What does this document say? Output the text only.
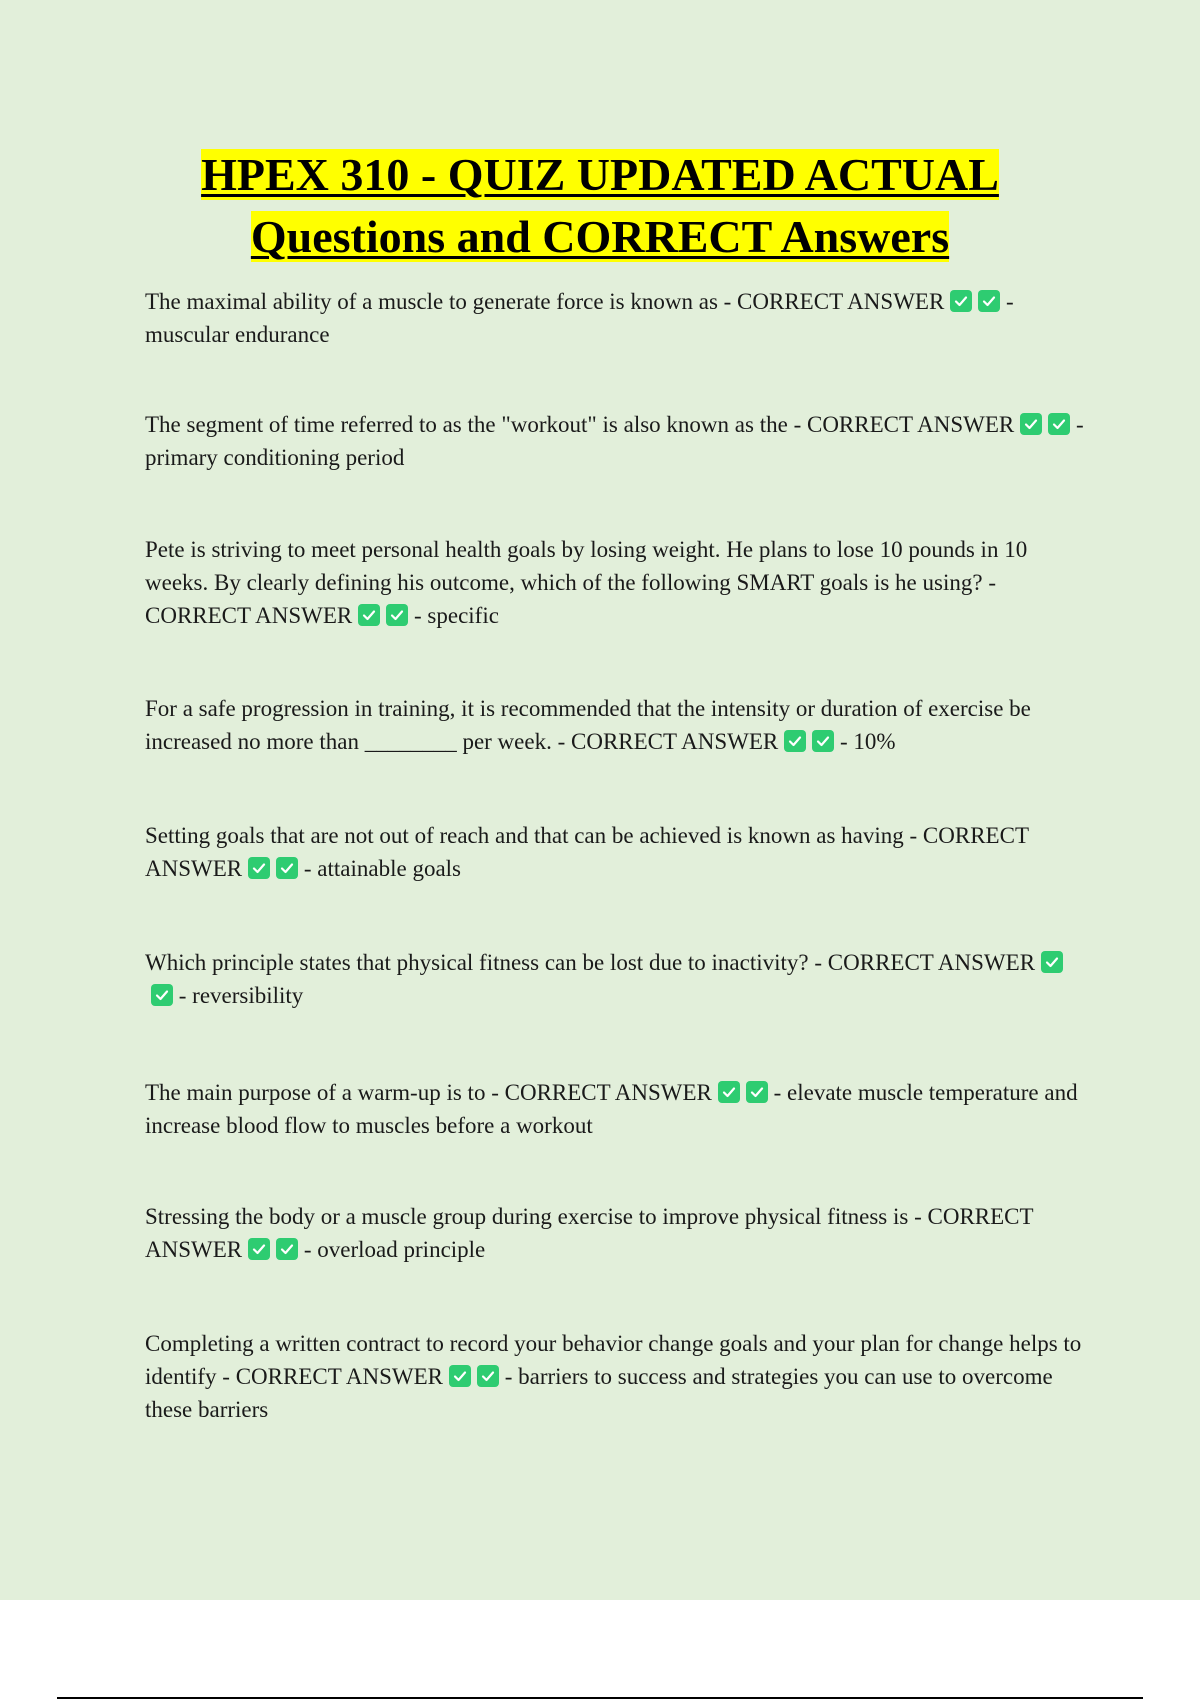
HPEX 310 - QUIZ UPDATED ACTUAL
Questions and CORRECT Answers
The maximal ability of a muscle to generate force is known as - CORRECT ANSWER	- muscular endurance
The segment of time referred to as the "workout" is also known as the - CORRECT ANSWER	- primary conditioning period
Pete is striving to meet personal health goals by losing weight. He plans to lose 10 pounds in 10 weeks. By clearly defining his outcome, which of the following SMART goals is he using? - CORRECT ANSWER	- specific
For a safe progression in training, it is recommended that the intensity or duration of exercise be increased no more than ________ per week. - CORRECT ANSWER	- 10%
Setting goals that are not out of reach and that can be achieved is known as having - CORRECT ANSWER	- attainable goals
Which principle states that physical fitness can be lost due to inactivity? - CORRECT ANSWER
- reversibility
The main purpose of a warm-up is to - CORRECT ANSWER	- elevate muscle temperature and increase blood flow to muscles before a workout
Stressing the body or a muscle group during exercise to improve physical fitness is - CORRECT ANSWER	- overload principle
Completing a written contract to record your behavior change goals and your plan for change helps to identify - CORRECT ANSWER	- barriers to success and strategies you can use to overcome these barriers
